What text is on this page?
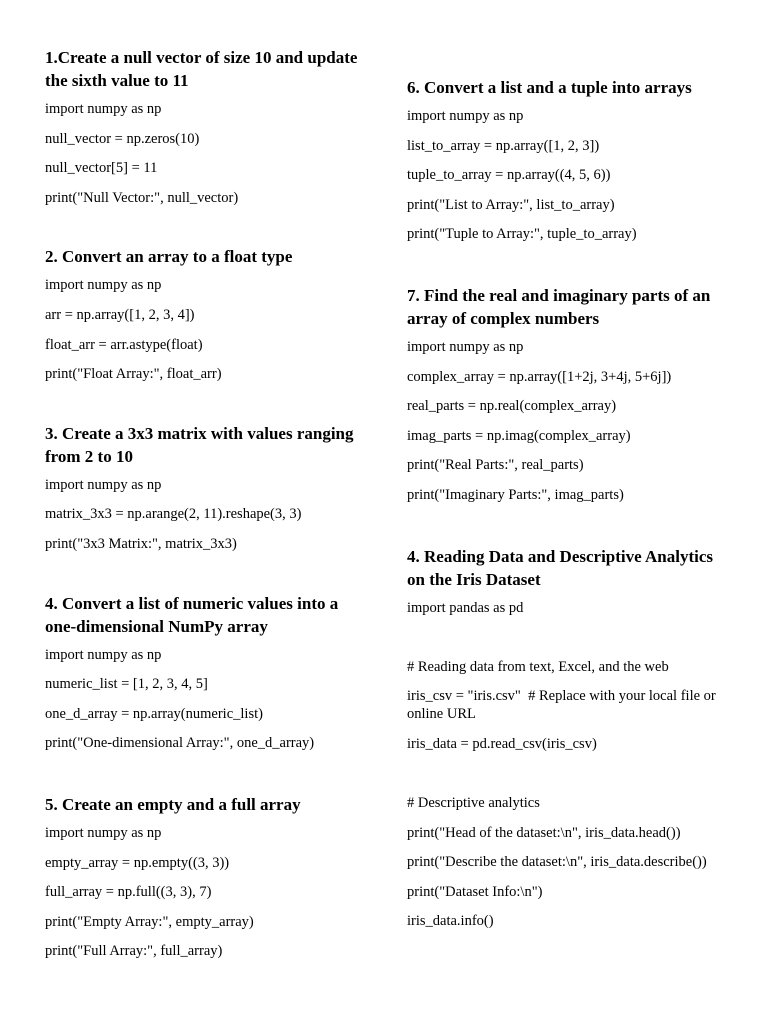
1.Create a null vector of size 10 and update the sixth value to 11
import numpy as np
null_vector = np.zeros(10)
null_vector[5] = 11
print("Null Vector:", null_vector)
2. Convert an array to a float type
import numpy as np
arr = np.array([1, 2, 3, 4])
float_arr = arr.astype(float)
print("Float Array:", float_arr)
3. Create a 3x3 matrix with values ranging from 2 to 10
import numpy as np
matrix_3x3 = np.arange(2, 11).reshape(3, 3)
print("3x3 Matrix:", matrix_3x3)
4. Convert a list of numeric values into a one-dimensional NumPy array
import numpy as np
numeric_list = [1, 2, 3, 4, 5]
one_d_array = np.array(numeric_list)
print("One-dimensional Array:", one_d_array)
5. Create an empty and a full array
import numpy as np
empty_array = np.empty((3, 3))
full_array = np.full((3, 3), 7)
print("Empty Array:", empty_array)
print("Full Array:", full_array)
6. Convert a list and a tuple into arrays
import numpy as np
list_to_array = np.array([1, 2, 3])
tuple_to_array = np.array((4, 5, 6))
print("List to Array:", list_to_array)
print("Tuple to Array:", tuple_to_array)
7. Find the real and imaginary parts of an array of complex numbers
import numpy as np
complex_array = np.array([1+2j, 3+4j, 5+6j])
real_parts = np.real(complex_array)
imag_parts = np.imag(complex_array)
print("Real Parts:", real_parts)
print("Imaginary Parts:", imag_parts)
4. Reading Data and Descriptive Analytics on the Iris Dataset
import pandas as pd
# Reading data from text, Excel, and the web
iris_csv = "iris.csv"  # Replace with your local file or online URL
iris_data = pd.read_csv(iris_csv)
# Descriptive analytics
print("Head of the dataset:\n", iris_data.head())
print("Describe the dataset:\n", iris_data.describe())
print("Dataset Info:\n")
iris_data.info()
